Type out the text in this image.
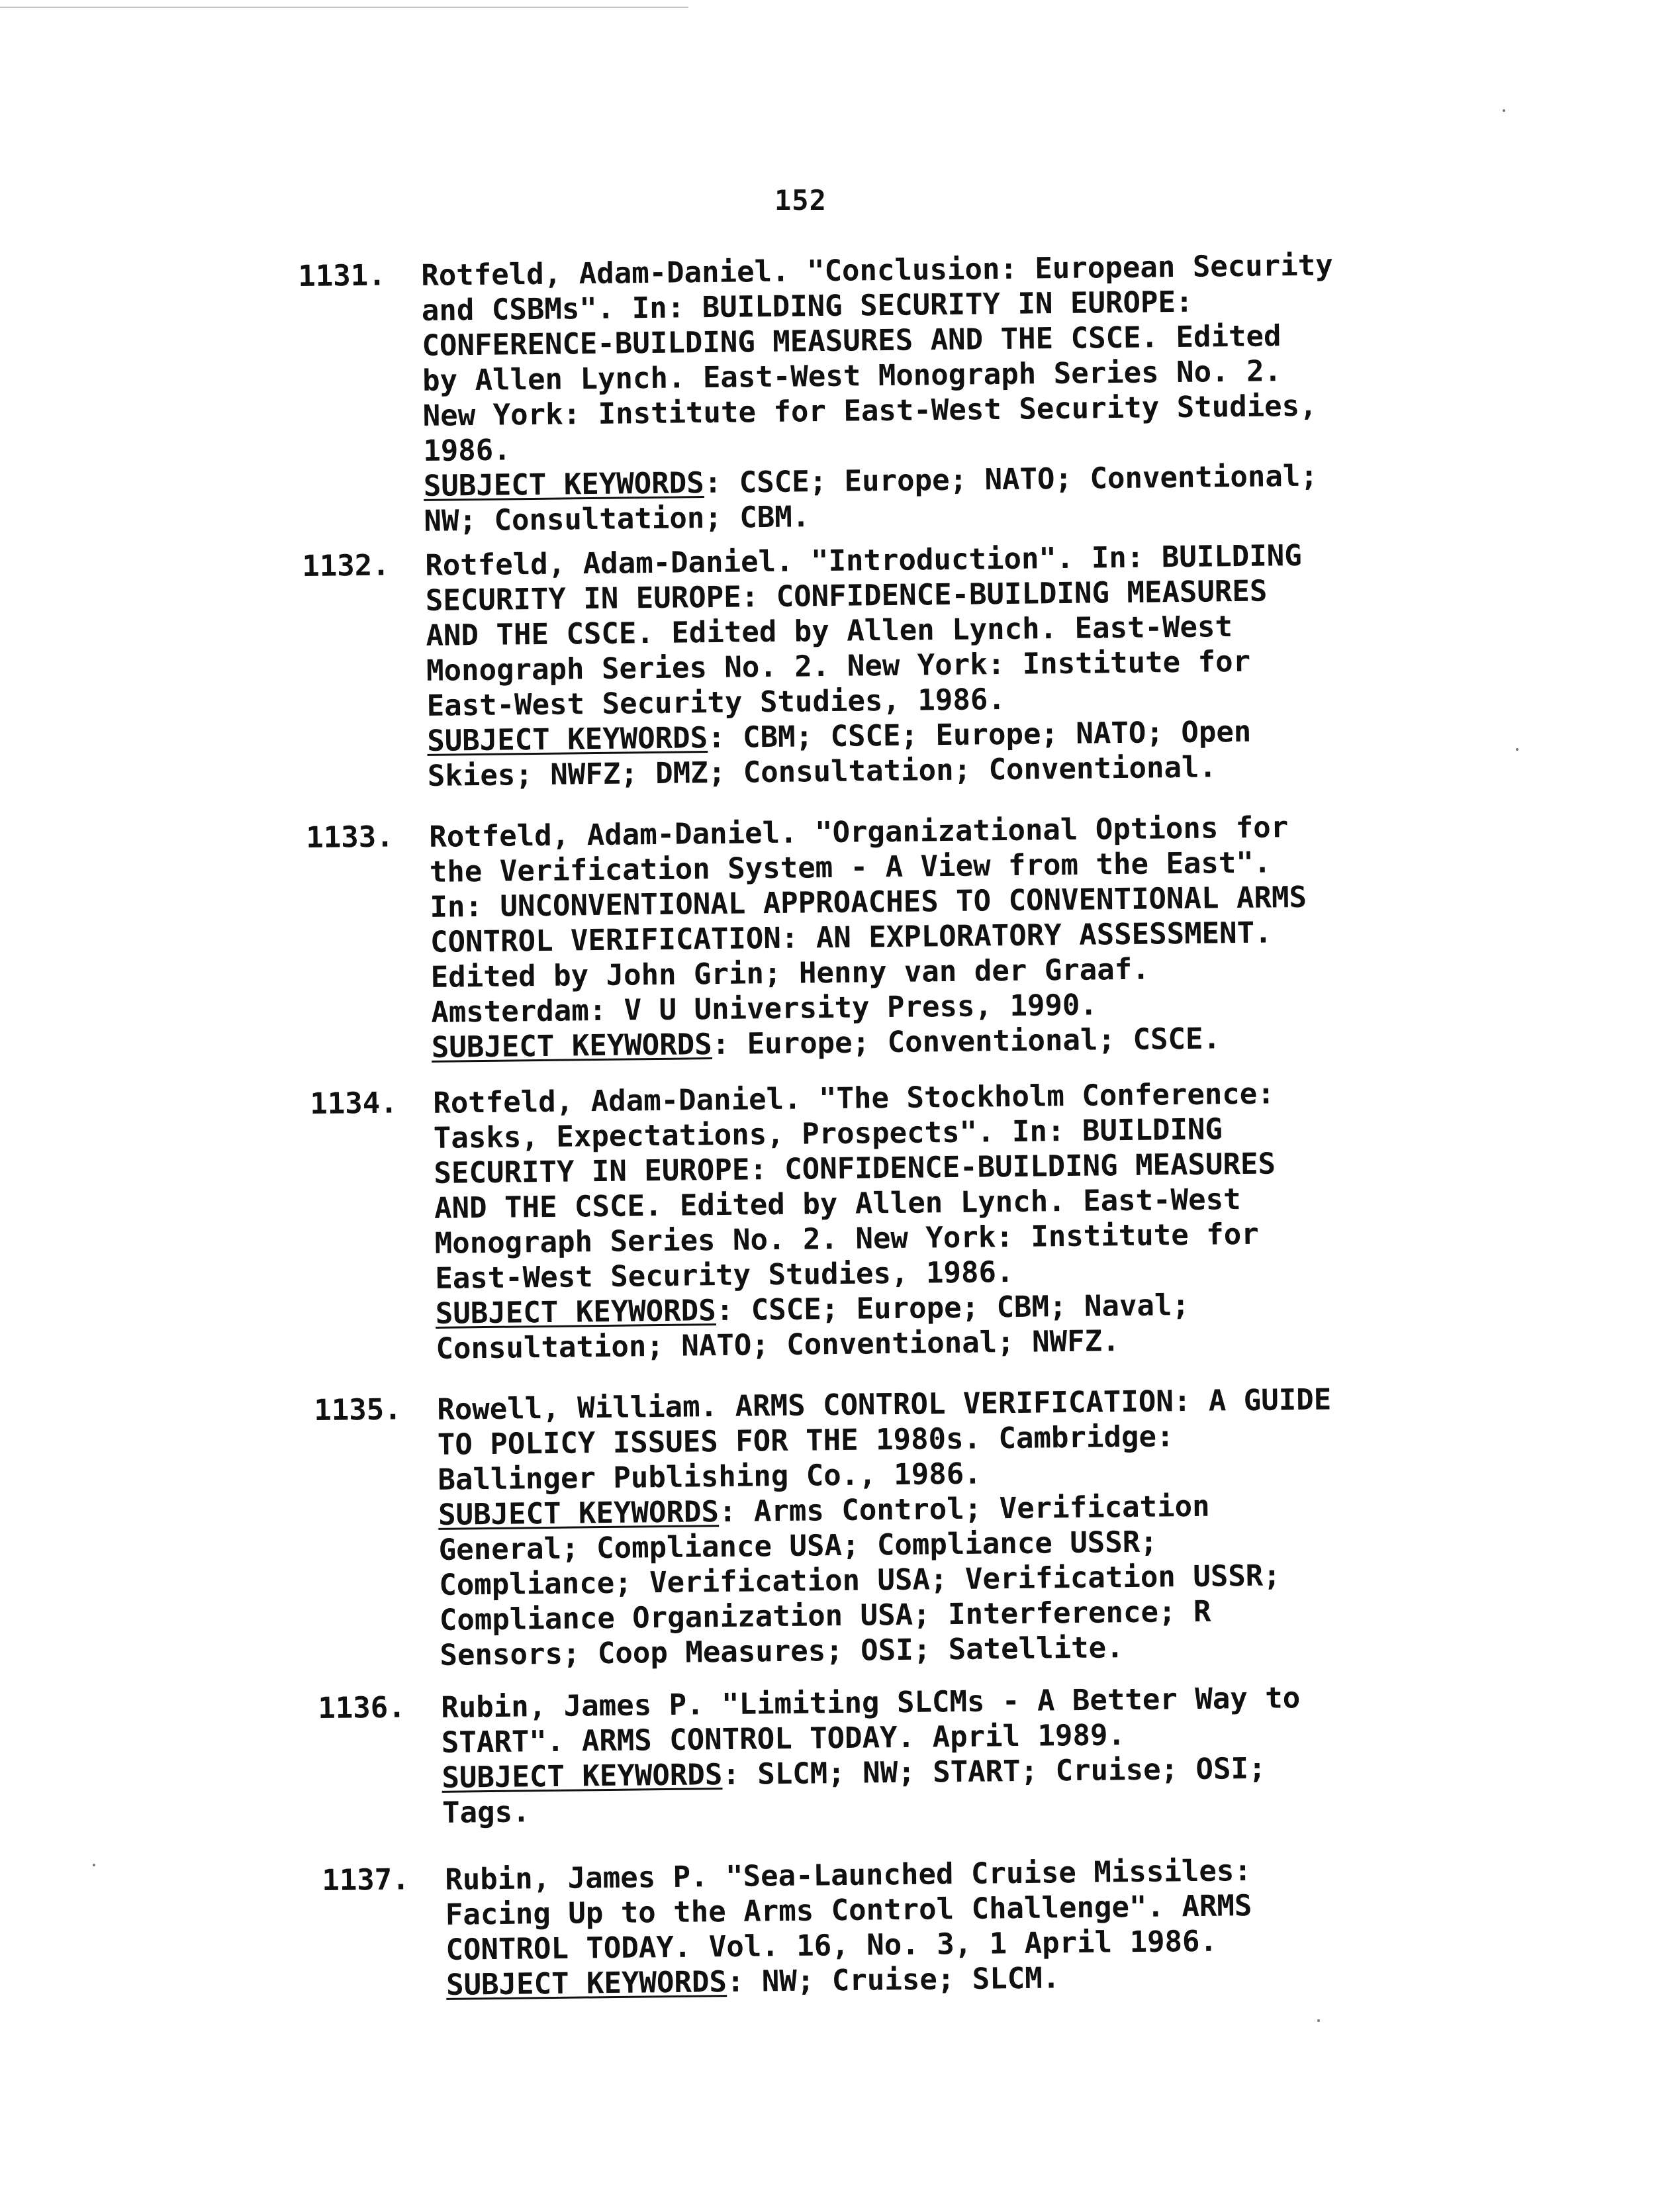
152
1131. Rotfeld, Adam-Daniel. "Conclusion: European Security
and CSBMs". In: BUILDING SECURITY IN EUROPE:
CONFERENCE-BUILDING MEASURES AND THE CSCE. Edited
by Allen Lynch. East-West Monograph Series No. 2.
New York: Institute for East-West Security Studies,
1986.
SUBJECT KEYWORDS: CSCE; Europe; NATO; Conventional;
NW; Consultation; CBM.
1132. Rotfeld, Adam-Daniel. "Introduction". In: BUILDING
SECURITY IN EUROPE: CONFIDENCE-BUILDING MEASURES
AND THE CSCE. Edited by Allen Lynch. East-West
Monograph Series No. 2. New York: Institute for
East-West Security Studies, 1986.
SUBJECT KEYWORDS: CBM; CSCE; Europe; NATO; Open
Skies; NWFZ; DMZ; Consultation; Conventional.
1133. Rotfeld, Adam-Daniel. "Organizational Options for
the Verification System - A View from the East".
In: UNCONVENTIONAL APPROACHES TO CONVENTIONAL ARMS
CONTROL VERIFICATION: AN EXPLORATORY ASSESSMENT.
Edited by John Grin; Henny van der Graaf.
Amsterdam: V U University Press, 1990.
SUBJECT KEYWORDS: Europe; Conventional; CSCE.
1134. Rotfeld, Adam-Daniel. "The Stockholm Conference:
Tasks, Expectations, Prospects". In: BUILDING
SECURITY IN EUROPE: CONFIDENCE-BUILDING MEASURES
AND THE CSCE. Edited by Allen Lynch. East-West
Monograph Series No. 2. New York: Institute for
East-West Security Studies, 1986.
SUBJECT KEYWORDS: CSCE; Europe; CBM; Naval;
Consultation; NATO; Conventional; NWFZ.
1135. Rowell, William. ARMS CONTROL VERIFICATION: A GUIDE
TO POLICY ISSUES FOR THE 1980s. Cambridge:
Ballinger Publishing Co., 1986.
SUBJECT KEYWORDS: Arms Control; Verification
General; Compliance USA; Compliance USSR;
Compliance; Verification USA; Verification USSR;
Compliance Organization USA; Interference; R
Sensors; Coop Measures; OSI; Satellite.
1136. Rubin, James P. "Limiting SLCMs - A Better Way to
START". ARMS CONTROL TODAY. April 1989.
SUBJECT KEYWORDS: SLCM; NW; START; Cruise; OSI;
Tags.
1137. Rubin, James P. "Sea-Launched Cruise Missiles:
Facing Up to the Arms Control Challenge". ARMS
CONTROL TODAY. Vol. 16, No. 3, 1 April 1986.
SUBJECT KEYWORDS: NW; Cruise; SLCM.
